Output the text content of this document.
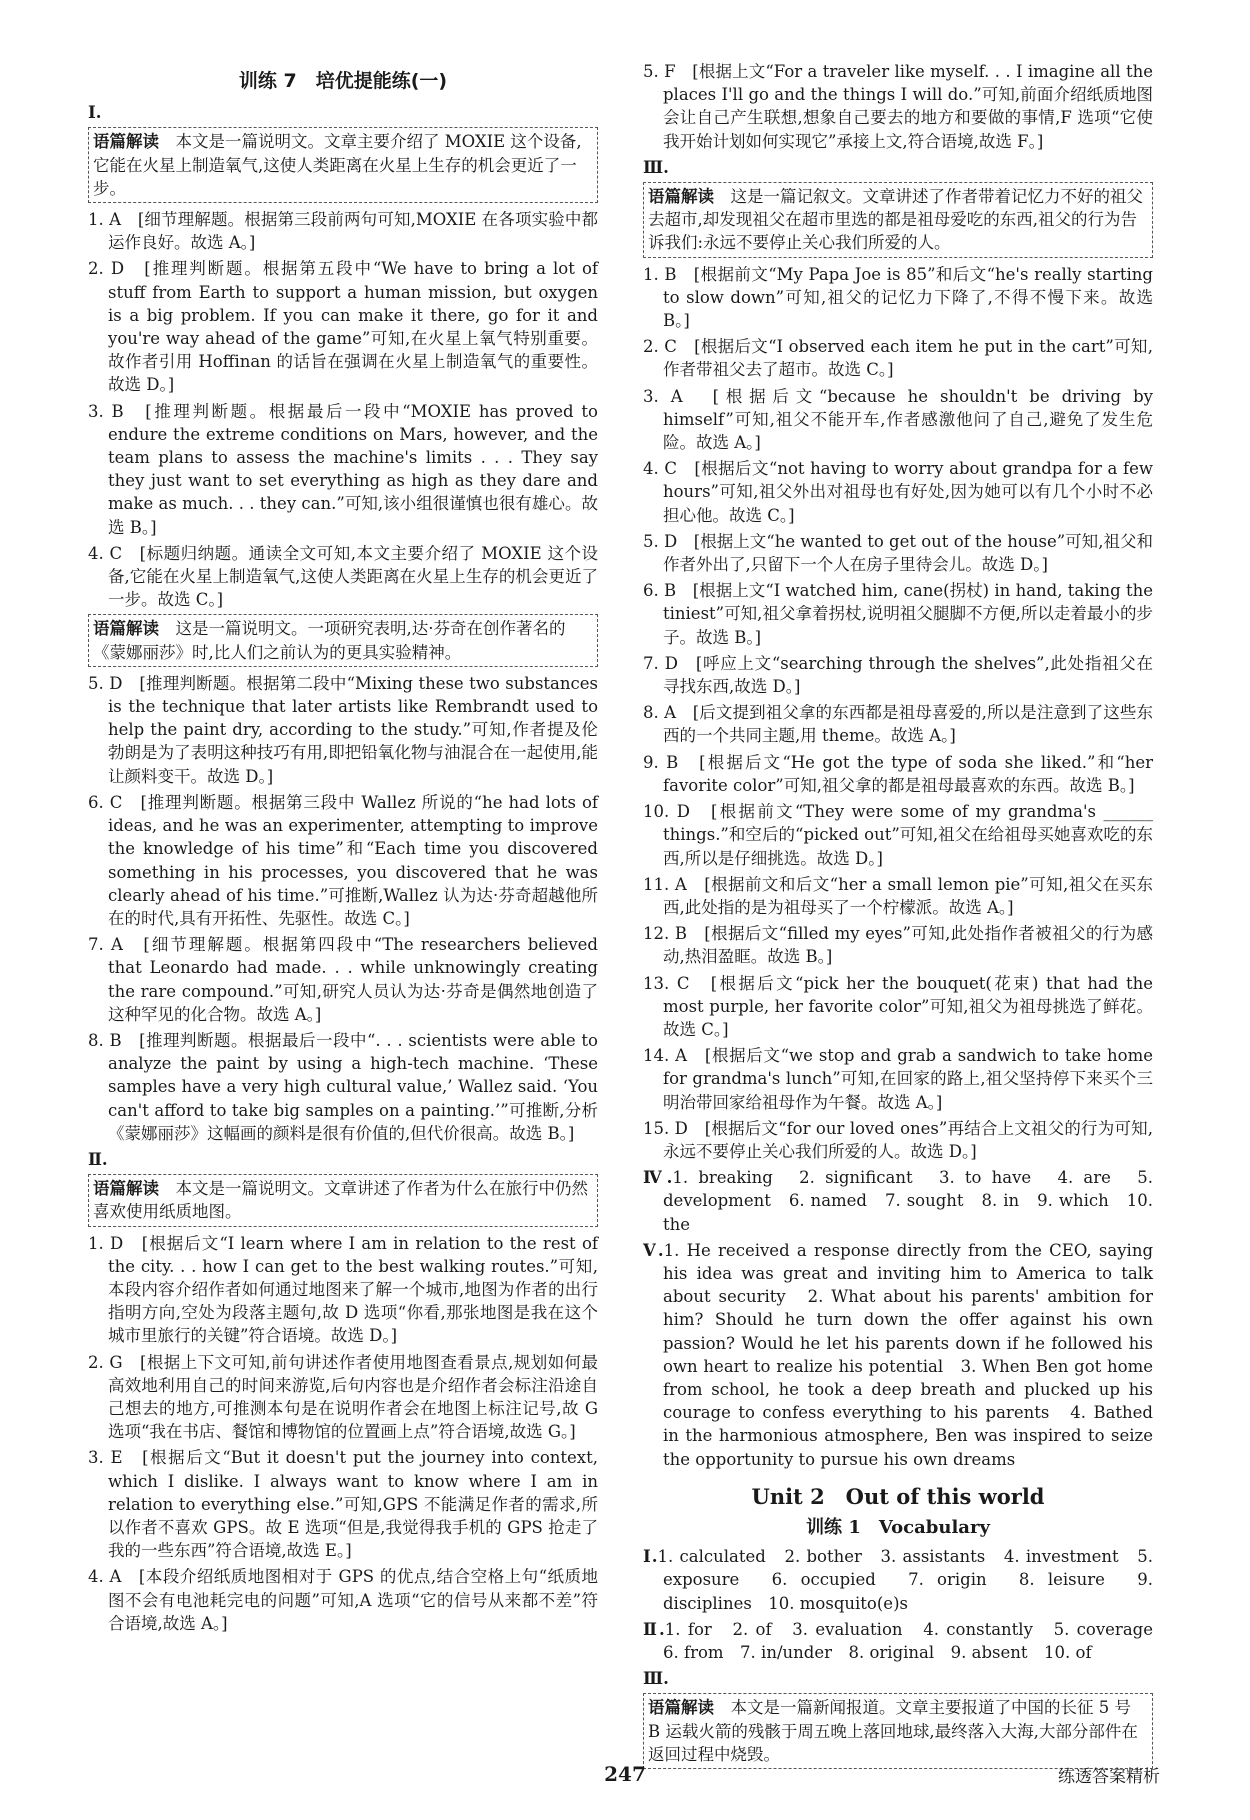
训练 7　培优提能练(一)
Ⅰ.
语篇解读　本文是一篇说明文。文章主要介绍了 MOXIE 这个设备,它能在火星上制造氧气,这使人类距离在火星上生存的机会更近了一步。
1. A　[细节理解题。根据第三段前两句可知,MOXIE 在各项实验中都运作良好。故选 A。]
2. D　[推理判断题。根据第五段中“We have to bring a lot of stuff from Earth to support a human mission, but oxygen is a big problem. If you can make it there, go for it and you're way ahead of the game”可知,在火星上氧气特别重要。故作者引用 Hoffinan 的话旨在强调在火星上制造氧气的重要性。故选 D。]
3. B　[推理判断题。根据最后一段中“MOXIE has proved to endure the extreme conditions on Mars, however, and the team plans to assess the machine's limits . . . They say they just want to set everything as high as they dare and make as much. . . they can.”可知,该小组很谨慎也很有雄心。故选 B。]
4. C　[标题归纳题。通读全文可知,本文主要介绍了 MOXIE 这个设备,它能在火星上制造氧气,这使人类距离在火星上生存的机会更近了一步。故选 C。]
语篇解读　这是一篇说明文。一项研究表明,达·芬奇在创作著名的《蒙娜丽莎》时,比人们之前认为的更具实验精神。
5. D　[推理判断题。根据第二段中“Mixing these two substances is the technique that later artists like Rembrandt used to help the paint dry, according to the study.”可知,作者提及伦勃朗是为了表明这种技巧有用,即把铅氧化物与油混合在一起使用,能让颜料变干。故选 D。]
6. C　[推理判断题。根据第三段中 Wallez 所说的“he had lots of ideas, and he was an experimenter, attempting to improve the knowledge of his time”和“Each time you discovered something in his processes, you discovered that he was clearly ahead of his time.”可推断,Wallez 认为达·芬奇超越他所在的时代,具有开拓性、先驱性。故选 C。]
7. A　[细节理解题。根据第四段中“The researchers believed that Leonardo had made. . . while unknowingly creating the rare compound.”可知,研究人员认为达·芬奇是偶然地创造了这种罕见的化合物。故选 A。]
8. B　[推理判断题。根据最后一段中“. . . scientists were able to analyze the paint by using a high-tech machine. ‘These samples have a very high cultural value,’ Wallez said. ‘You can't afford to take big samples on a painting.’”可推断,分析《蒙娜丽莎》这幅画的颜料是很有价值的,但代价很高。故选 B。]
Ⅱ.
语篇解读　本文是一篇说明文。文章讲述了作者为什么在旅行中仍然喜欢使用纸质地图。
1. D　[根据后文“I learn where I am in relation to the rest of the city. . . how I can get to the best walking routes.”可知,本段内容介绍作者如何通过地图来了解一个城市,地图为作者的出行指明方向,空处为段落主题句,故 D 选项“你看,那张地图是我在这个城市里旅行的关键”符合语境。故选 D。]
2. G　[根据上下文可知,前句讲述作者使用地图查看景点,规划如何最高效地利用自己的时间来游览,后句内容也是介绍作者会标注沿途自己想去的地方,可推测本句是在说明作者会在地图上标注记号,故 G 选项“我在书店、餐馆和博物馆的位置画上点”符合语境,故选 G。]
3. E　[根据后文“But it doesn't put the journey into context, which I dislike. I always want to know where I am in relation to everything else.”可知,GPS 不能满足作者的需求,所以作者不喜欢 GPS。故 E 选项“但是,我觉得我手机的 GPS 抢走了我的一些东西”符合语境,故选 E。]
4. A　[本段介绍纸质地图相对于 GPS 的优点,结合空格上句“纸质地图不会有电池耗完电的问题”可知,A 选项“它的信号从来都不差”符合语境,故选 A。]
5. F　[根据上文“For a traveler like myself. . . I imagine all the places I'll go and the things I will do.”可知,前面介绍纸质地图会让自己产生联想,想象自己要去的地方和要做的事情,F 选项“它使我开始计划如何实现它”承接上文,符合语境,故选 F。]
Ⅲ.
语篇解读　这是一篇记叙文。文章讲述了作者带着记忆力不好的祖父去超市,却发现祖父在超市里选的都是祖母爱吃的东西,祖父的行为告诉我们:永远不要停止关心我们所爱的人。
1. B　[根据前文“My Papa Joe is 85”和后文“he's really starting to slow down”可知,祖父的记忆力下降了,不得不慢下来。故选 B。]
2. C　[根据后文“I observed each item he put in the cart”可知,作者带祖父去了超市。故选 C。]
3. A　[根据后文“because he shouldn't be driving by himself”可知,祖父不能开车,作者感激他问了自己,避免了发生危险。故选 A。]
4. C　[根据后文“not having to worry about grandpa for a few hours”可知,祖父外出对祖母也有好处,因为她可以有几个小时不必担心他。故选 C。]
5. D　[根据上文“he wanted to get out of the house”可知,祖父和作者外出了,只留下一个人在房子里待会儿。故选 D。]
6. B　[根据上文“I watched him, cane(拐杖) in hand, taking the tiniest”可知,祖父拿着拐杖,说明祖父腿脚不方便,所以走着最小的步子。故选 B。]
7. D　[呼应上文“searching through the shelves”,此处指祖父在寻找东西,故选 D。]
8. A　[后文提到祖父拿的东西都是祖母喜爱的,所以是注意到了这些东西的一个共同主题,用 theme。故选 A。]
9. B　[根据后文“He got the type of soda she liked.”和“her favorite color”可知,祖父拿的都是祖母最喜欢的东西。故选 B。]
10. D　[根据前文“They were some of my grandma's ______ things.”和空后的“picked out”可知,祖父在给祖母买她喜欢吃的东西,所以是仔细挑选。故选 D。]
11. A　[根据前文和后文“her a small lemon pie”可知,祖父在买东西,此处指的是为祖母买了一个柠檬派。故选 A。]
12. B　[根据后文“filled my eyes”可知,此处指作者被祖父的行为感动,热泪盈眶。故选 B。]
13. C　[根据后文“pick her the bouquet(花束) that had the most purple, her favorite color”可知,祖父为祖母挑选了鲜花。故选 C。]
14. A　[根据后文“we stop and grab a sandwich to take home for grandma's lunch”可知,在回家的路上,祖父坚持停下来买个三明治带回家给祖母作为午餐。故选 A。]
15. D　[根据后文“for our loved ones”再结合上文祖父的行为可知,永远不要停止关心我们所爱的人。故选 D。]
Ⅳ.1. breaking　2. significant　3. to have　4. are　5. development　6. named　7. sought　8. in　9. which　10. the
Ⅴ.1. He received a response directly from the CEO, saying his idea was great and inviting him to America to talk about security　2. What about his parents' ambition for him? Should he turn down the offer against his own passion? Would he let his parents down if he followed his own heart to realize his potential　3. When Ben got home from school, he took a deep breath and plucked up his courage to confess everything to his parents　4. Bathed in the harmonious atmosphere, Ben was inspired to seize the opportunity to pursue his own dreams
Unit 2　Out of this world
训练 1　Vocabulary
Ⅰ.1. calculated　2. bother　3. assistants　4. investment　5. exposure　6. occupied　7. origin　8. leisure　9. disciplines　10. mosquito(e)s
Ⅱ.1. for　2. of　3. evaluation　4. constantly　5. coverage　6. from　7. in/under　8. original　9. absent　10. of
Ⅲ.
语篇解读　本文是一篇新闻报道。文章主要报道了中国的长征 5 号 B 运载火箭的残骸于周五晚上落回地球,最终落入大海,大部分部件在返回过程中烧毁。
247	练透答案精析
